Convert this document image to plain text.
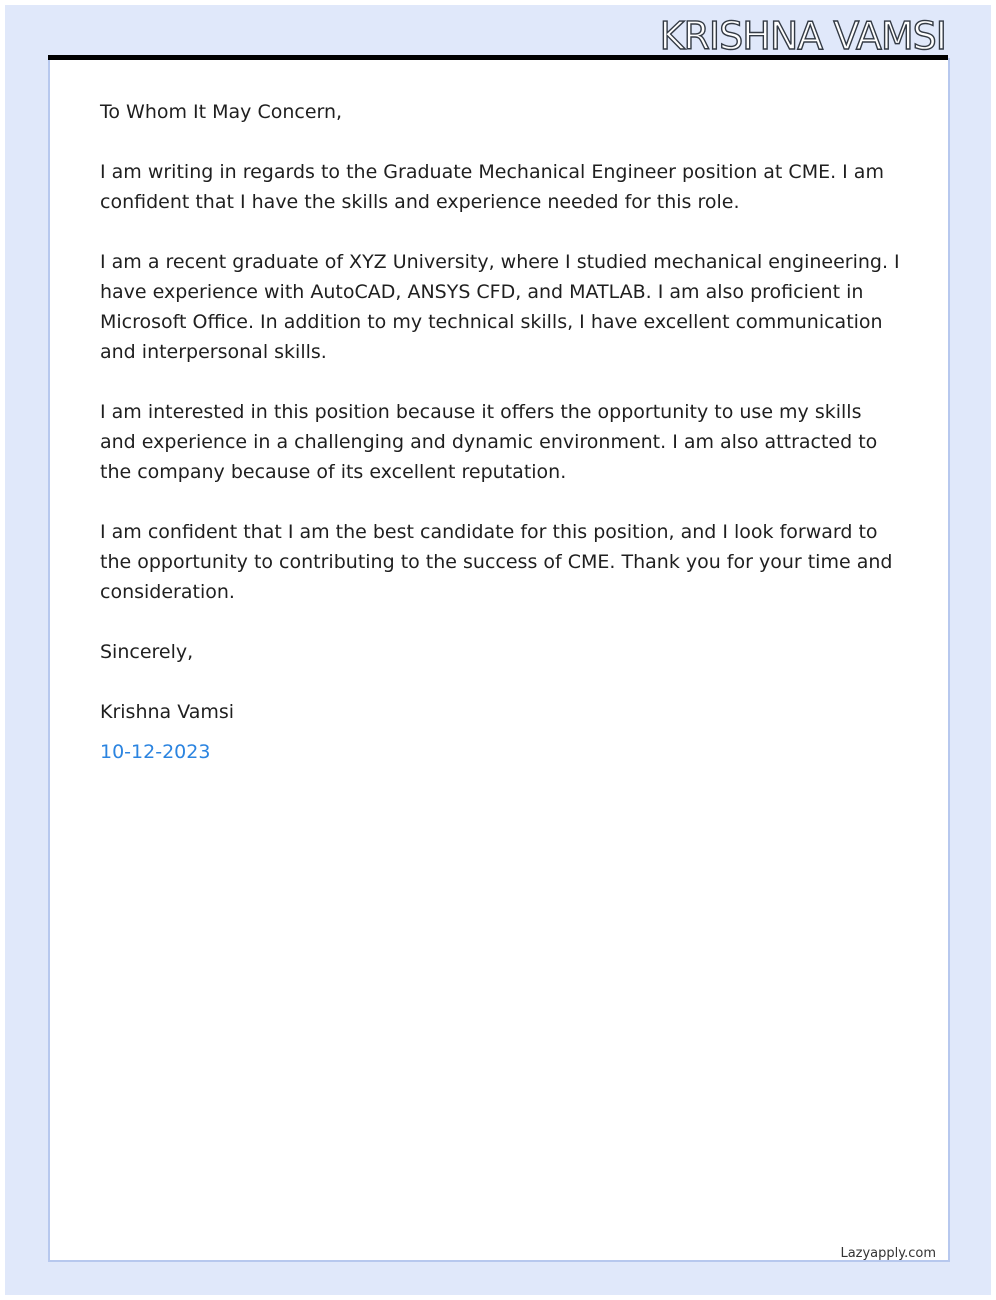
KRISHNA VAMSI

To Whom It May Concern,

I am writing in regards to the Graduate Mechanical Engineer position at CME. I am confident that I have the skills and experience needed for this role.

I am a recent graduate of XYZ University, where I studied mechanical engineering. I have experience with AutoCAD, ANSYS CFD, and MATLAB. I am also proficient in Microsoft Office. In addition to my technical skills, I have excellent communication and interpersonal skills.

I am interested in this position because it offers the opportunity to use my skills and experience in a challenging and dynamic environment. I am also attracted to the company because of its excellent reputation.

I am confident that I am the best candidate for this position, and I look forward to the opportunity to contributing to the success of CME. Thank you for your time and consideration.

Sincerely,

Krishna Vamsi

10-12-2023

Lazyapply.com
